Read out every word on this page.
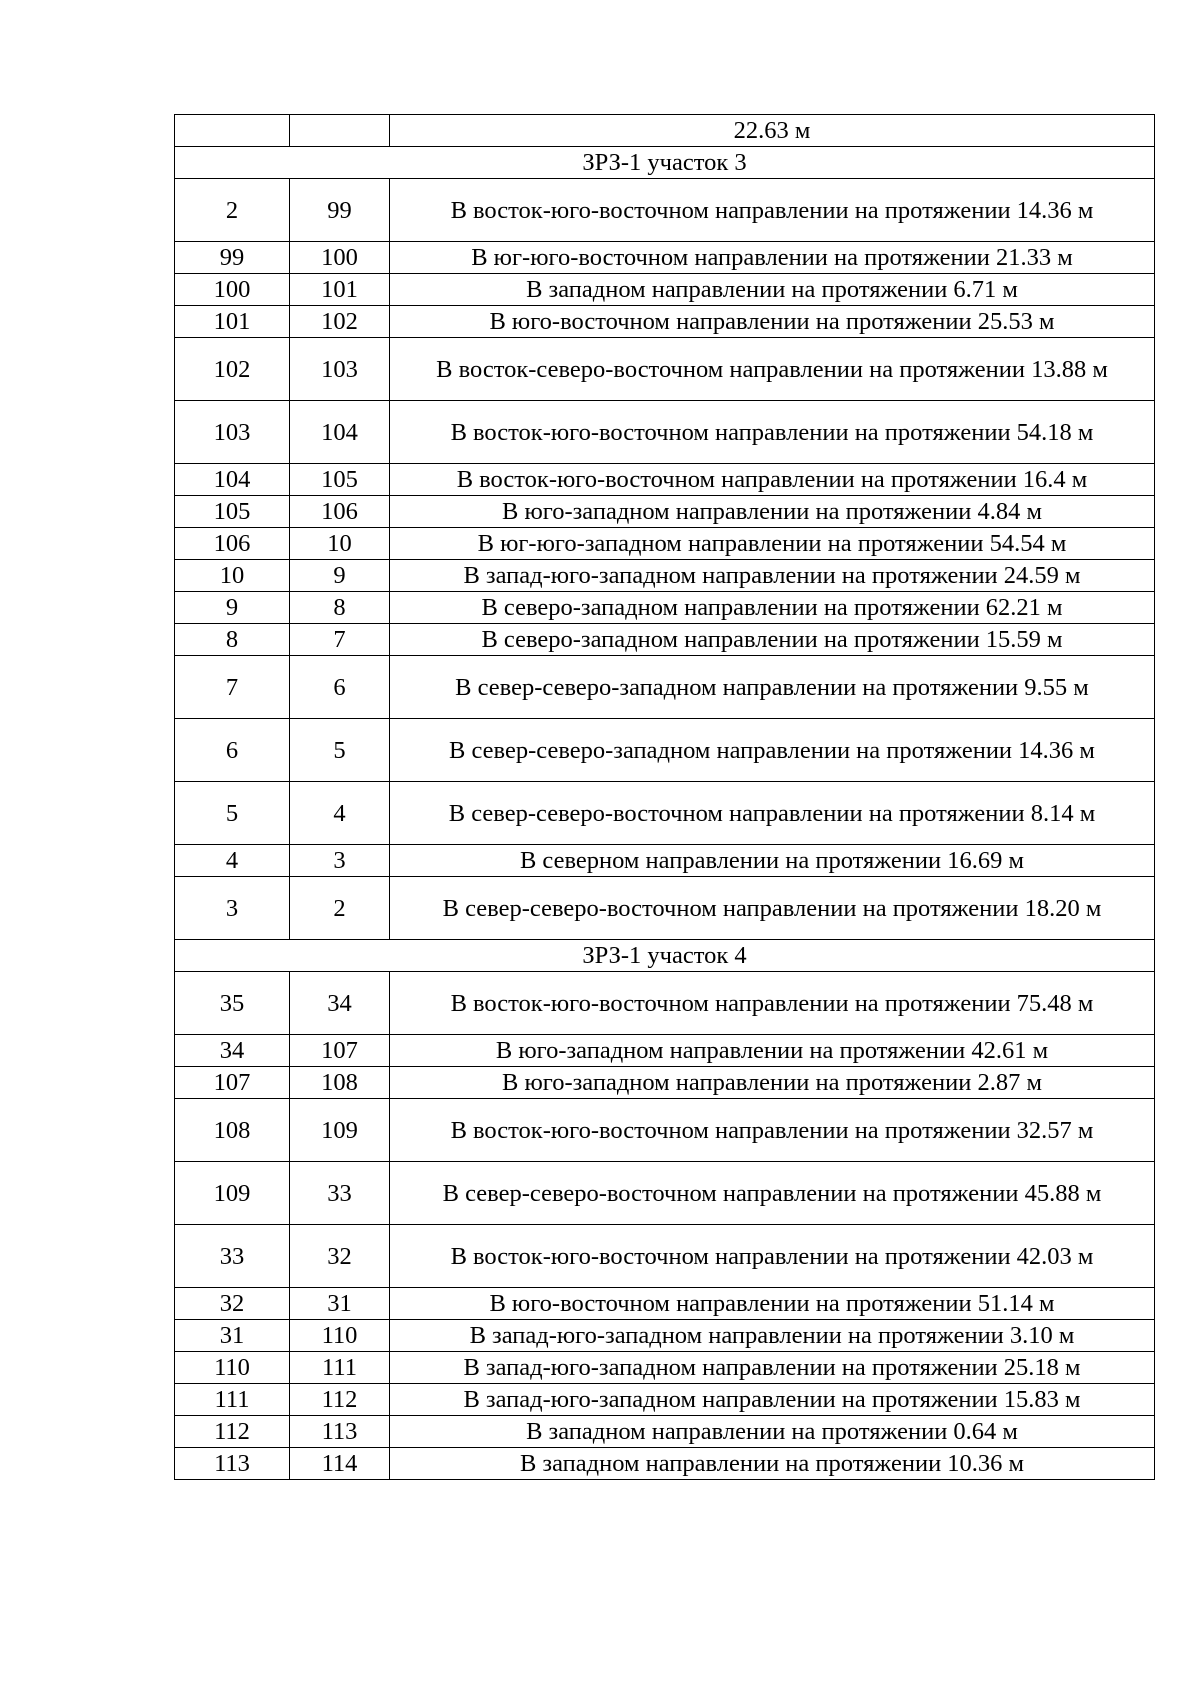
		22.63 м
ЗРЗ-1 участок 3		
2	99	В восток-юго-восточном направлении на протяжении 14.36 м
99	100	В юг-юго-восточном направлении на протяжении 21.33 м
100	101	В западном направлении на протяжении 6.71 м
101	102	В юго-восточном направлении на протяжении 25.53 м
102	103	В восток-северо-восточном направлении на протяжении 13.88 м
103	104	В восток-юго-восточном направлении на протяжении 54.18 м
104	105	В восток-юго-восточном направлении на протяжении 16.4 м
105	106	В юго-западном направлении на протяжении 4.84 м
106	10	В юг-юго-западном направлении на протяжении 54.54 м
10	9	В запад-юго-западном направлении на протяжении 24.59 м
9	8	В северо-западном направлении на протяжении 62.21 м
8	7	В северо-западном направлении на протяжении 15.59 м
7	6	В север-северо-западном направлении на протяжении 9.55 м
6	5	В север-северо-западном направлении на протяжении 14.36 м
5	4	В север-северо-восточном направлении на протяжении 8.14 м
4	3	В северном направлении на протяжении 16.69 м
3	2	В север-северо-восточном направлении на протяжении 18.20 м
ЗРЗ-1 участок 4		
35	34	В восток-юго-восточном направлении на протяжении 75.48 м
34	107	В юго-западном направлении на протяжении 42.61 м
107	108	В юго-западном направлении на протяжении 2.87 м
108	109	В восток-юго-восточном направлении на протяжении 32.57 м
109	33	В север-северо-восточном направлении на протяжении 45.88 м
33	32	В восток-юго-восточном направлении на протяжении 42.03 м
32	31	В юго-восточном направлении на протяжении 51.14 м
31	110	В запад-юго-западном направлении на протяжении 3.10 м
110	111	В запад-юго-западном направлении на протяжении 25.18 м
111	112	В запад-юго-западном направлении на протяжении 15.83 м
112	113	В западном направлении на протяжении 0.64 м
113	114	В западном направлении на протяжении 10.36 м
